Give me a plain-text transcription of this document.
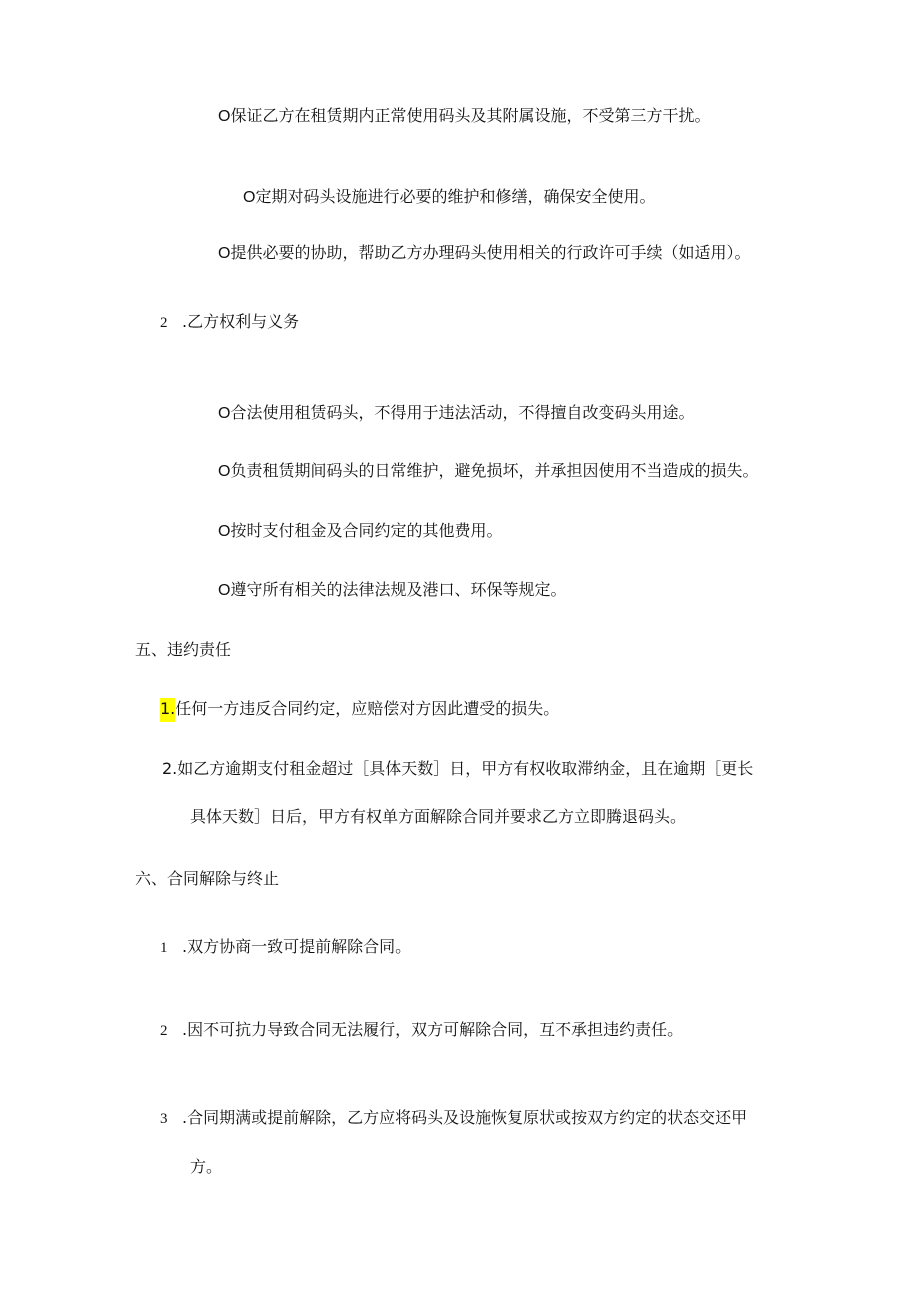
O保证乙方在租赁期内正常使用码头及其附属设施，不受第三方干扰。
O定期对码头设施进行必要的维护和修缮，确保安全使用。
O提供必要的协助，帮助乙方办理码头使用相关的行政许可手续（如适用）。
2 .乙方权利与义务
O合法使用租赁码头，不得用于违法活动，不得擅自改变码头用途。
O负责租赁期间码头的日常维护，避免损坏，并承担因使用不当造成的损失。
O按时支付租金及合同约定的其他费用。
O遵守所有相关的法律法规及港口、环保等规定。
五、违约责任
1.任何一方违反合同约定，应赔偿对方因此遭受的损失。
2.如乙方逾期支付租金超过［具体天数］日，甲方有权收取滞纳金，且在逾期［更长
具体天数］日后，甲方有权单方面解除合同并要求乙方立即腾退码头。
六、合同解除与终止
1 .双方协商一致可提前解除合同。
2 .因不可抗力导致合同无法履行，双方可解除合同，互不承担违约责任。
3 .合同期满或提前解除，乙方应将码头及设施恢复原状或按双方约定的状态交还甲
方。
